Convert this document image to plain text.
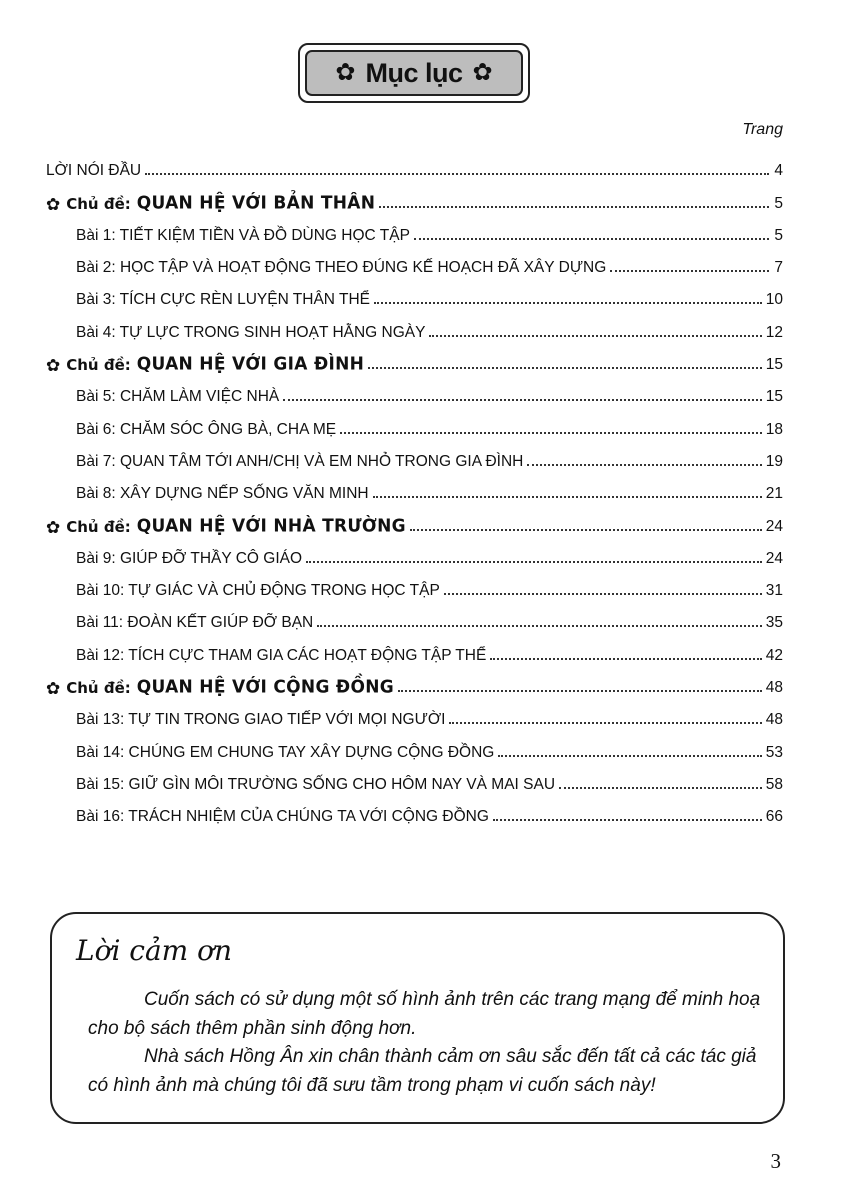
✿ Mục lục ✿
Trang
LỜI NÓI ĐẦU	4
✿ Chủ đề: QUAN HỆ VỚI BẢN THÂN	5
Bài 1: TIẾT KIỆM TIỀN VÀ ĐỒ DÙNG HỌC TẬP	5
Bài 2: HỌC TẬP VÀ HOẠT ĐỘNG THEO ĐÚNG KẾ HOẠCH ĐÃ XÂY DỰNG	7
Bài 3: TÍCH CỰC RÈN LUYỆN THÂN THỂ	10
Bài 4: TỰ LỰC TRONG SINH HOẠT HẰNG NGÀY	12
✿ Chủ đề: QUAN HỆ VỚI GIA ĐÌNH	15
Bài 5: CHĂM LÀM VIỆC NHÀ	15
Bài 6: CHĂM SÓC ÔNG BÀ, CHA MẸ	18
Bài 7: QUAN TÂM TỚI ANH/CHỊ VÀ EM NHỎ TRONG GIA ĐÌNH	19
Bài 8: XÂY DỰNG NẾP SỐNG VĂN MINH	21
✿ Chủ đề: QUAN HỆ VỚI NHÀ TRƯỜNG	24
Bài 9: GIÚP ĐỠ THẦY CÔ GIÁO	24
Bài 10: TỰ GIÁC VÀ CHỦ ĐỘNG TRONG HỌC TẬP	31
Bài 11: ĐOÀN KẾT GIÚP ĐỠ BẠN	35
Bài 12: TÍCH CỰC THAM GIA CÁC HOẠT ĐỘNG TẬP THỂ	42
✿ Chủ đề: QUAN HỆ VỚI CỘNG ĐỒNG	48
Bài 13: TỰ TIN TRONG GIAO TIẾP VỚI MỌI NGƯỜI	48
Bài 14: CHÚNG EM CHUNG TAY XÂY DỰNG CỘNG ĐỒNG	53
Bài 15: GIỮ GÌN MÔI TRƯỜNG SỐNG CHO HÔM NAY VÀ MAI SAU	58
Bài 16: TRÁCH NHIỆM CỦA CHÚNG TA VỚI CỘNG ĐỒNG	66
Lời cảm ơn
Cuốn sách có sử dụng một số hình ảnh trên các trang mạng để minh hoạ cho bộ sách thêm phần sinh động hơn.
Nhà sách Hồng Ân xin chân thành cảm ơn sâu sắc đến tất cả các tác giả có hình ảnh mà chúng tôi đã sưu tầm trong phạm vi cuốn sách này!
3
